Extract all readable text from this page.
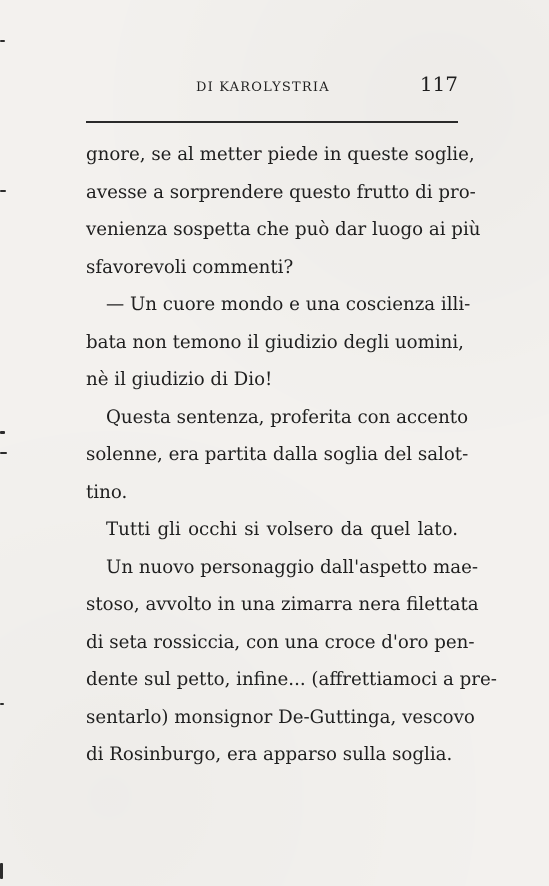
DI KAROLYSTRIA	117
gnore, se al metter piede in queste soglie,
avesse a sorprendere questo frutto di pro-
venienza sospetta che può dar luogo ai più
sfavorevoli commenti?
— Un cuore mondo e una coscienza illi-
bata non temono il giudizio degli uomini,
nè il giudizio di Dio!
Questa sentenza, proferita con accento
solenne, era partita dalla soglia del salot-
tino.
Tutti gli occhi si volsero da quel lato.
Un nuovo personaggio dall'aspetto mae-
stoso, avvolto in una zimarra nera filettata
di seta rossiccia, con una croce d'oro pen-
dente sul petto, infine... (affrettiamoci a pre-
sentarlo) monsignor De-Guttinga, vescovo
di Rosinburgo, era apparso sulla soglia.
